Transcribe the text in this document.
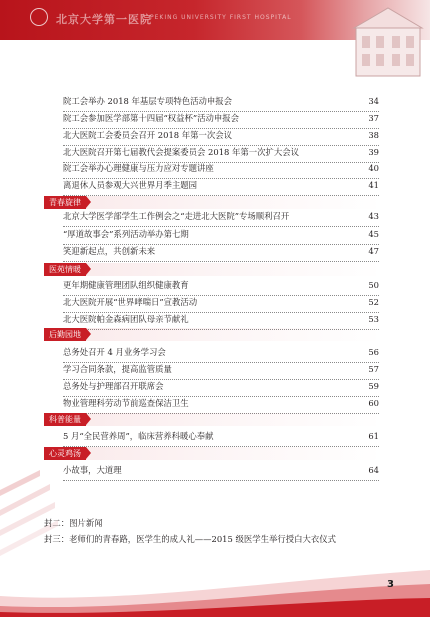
北京大学第一医院
PEKING UNIVERSITY FIRST HOSPITAL
院工会举办 2018 年基层专项特色活动申报会	34
院工会参加医学部第十四届“权益杯”活动申报会	37
北大医院工会委员会召开 2018 年第一次会议	38
北大医院召开第七届教代会提案委员会 2018 年第一次扩大会议	39
院工会举办心理健康与压力应对专题讲座	40
离退休人员参观大兴世界月季主题园	41
青春旋律
北京大学医学部学生工作例会之“走进北大医院”专场顺利召开	43
“厚道故事会”系列活动举办第七期	45
笑迎新起点，共创新未来	47
医苑情暖
更年期健康管理团队组织健康教育	50
北大医院开展“世界哮喘日”宣教活动	52
北大医院帕金森病团队母亲节献礼	53
后勤园地
总务处召开 4 月业务学习会	56
学习合同条款，提高监管质量	57
总务处与护理部召开联席会	59
物业管理科劳动节前巡查保洁卫生	60
科普能量
5 月“全民营养周”，临床营养科暖心奉献	61
心灵鸡汤
小故事，大道理	64
封二：图片新闻
封三：老师们的青春路，医学生的成人礼——2015 级医学生举行授白大衣仪式
3
